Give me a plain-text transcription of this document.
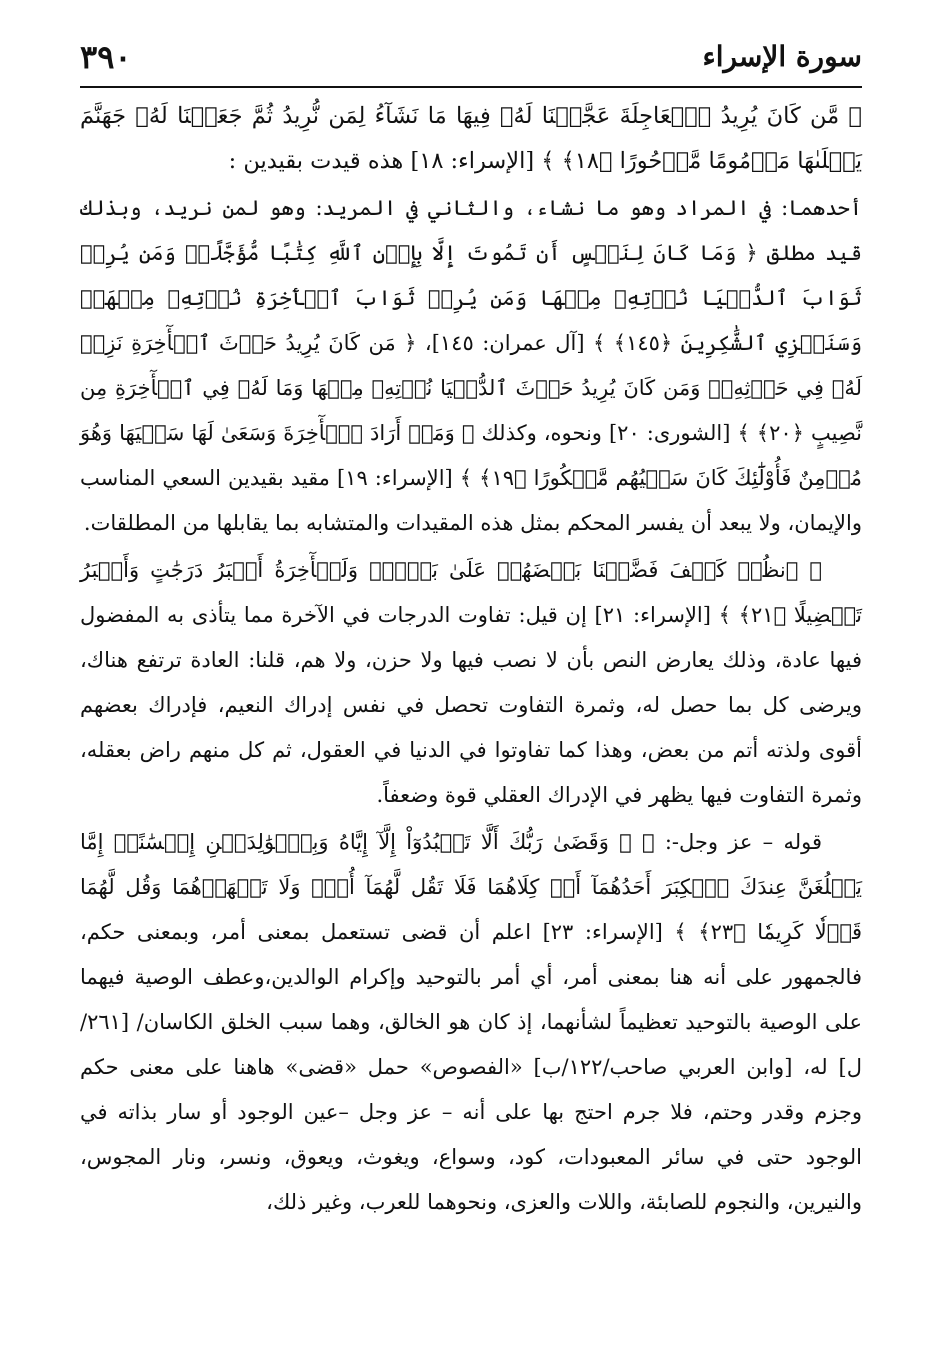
سورة الإسراء
٣٩٠

﴿ مَّن كَانَ يُرِيدُ ٱلۡعَاجِلَةَ عَجَّلۡنَا لَهُۥ فِيهَا مَا نَشَآءُ لِمَن نُّرِيدُ ثُمَّ جَعَلۡنَا لَهُۥ جَهَنَّمَ يَصۡلَىٰهَا مَذۡمُومًا مَّدۡحُورًا ﴿١٨﴾ ﴾ [الإسراء: ١٨] هذه قيدت بقيدين :

أحدهما: في المراد وهو ما نشاء، والثاني في المريد: وهو لمن نريد، وبذلك قيد مطلق ﴿ وَمَا كَانَ لِنَفۡسٍ أَن تَمُوتَ إِلَّا بِإِذۡنِ ٱللَّهِ كِتَٰبًا مُّؤَجَّلًاۗ وَمَن يُرِدۡ ثَوَابَ ٱلدُّنۡيَا نُؤۡتِهِۦ مِنۡهَا وَمَن يُرِدۡ ثَوَابَ ٱلۡأٓخِرَةِ نُؤۡتِهِۦ مِنۡهَاۚ وَسَنَجۡزِي ٱلشَّٰكِرِينَ ﴿١٤٥﴾ ﴾ [آل عمران: ١٤٥]، ﴿ مَن كَانَ يُرِيدُ حَرۡثَ ٱلۡأٓخِرَةِ نَزِدۡ لَهُۥ فِي حَرۡثِهِۦۖ وَمَن كَانَ يُرِيدُ حَرۡثَ ٱلدُّنۡيَا نُؤۡتِهِۦ مِنۡهَا وَمَا لَهُۥ فِي ٱلۡأٓخِرَةِ مِن نَّصِيبٍ ﴿٢٠﴾ ﴾ [الشورى: ٢٠] ونحوه، وكذلك ﴿ وَمَنۡ أَرَادَ ٱلۡأٓخِرَةَ وَسَعَىٰ لَهَا سَعۡيَهَا وَهُوَ مُؤۡمِنٌ فَأُوْلَٰٓئِكَ كَانَ سَعۡيُهُم مَّشۡكُورًا ﴿١٩﴾ ﴾ [الإسراء: ١٩] مقيد بقيدين السعي المناسب والإيمان، ولا يبعد أن يفسر المحكم بمثل هذه المقيدات والمتشابه بما يقابلها من المطلقات.

﴿ ٱنظُرۡ كَيۡفَ فَضَّلۡنَا بَعۡضَهُمۡ عَلَىٰ بَعۡضٍۚ وَلَلۡأٓخِرَةُ أَكۡبَرُ دَرَجَٰتٍ وَأَكۡبَرُ تَفۡضِيلًا ﴿٢١﴾ ﴾ [الإسراء: ٢١] إن قيل: تفاوت الدرجات في الآخرة مما يتأذى به المفضول فيها عادة، وذلك يعارض النص بأن لا نصب فيها ولا حزن، ولا هم، قلنا: العادة ترتفع هناك، ويرضى كل بما حصل له، وثمرة التفاوت تحصل في نفس إدراك النعيم، فإدراك بعضهم أقوى ولذته أتم من بعض، وهذا كما تفاوتوا في الدنيا في العقول، ثم كل منهم راض بعقله، وثمرة التفاوت فيها يظهر في الإدراك العقلي قوة وضعفاً.

قوله – عز وجل-: ﴿ ۞ وَقَضَىٰ رَبُّكَ أَلَّا تَعۡبُدُوٓاْ إِلَّآ إِيَّاهُ وَبِٱلۡوَٰلِدَيۡنِ إِحۡسَٰنًاۚ إِمَّا يَبۡلُغَنَّ عِندَكَ ٱلۡكِبَرَ أَحَدُهُمَآ أَوۡ كِلَاهُمَا فَلَا تَقُل لَّهُمَآ أُفّٖ وَلَا تَنۡهَرۡهُمَا وَقُل لَّهُمَا قَوۡلٗا كَرِيمٗا ﴿٢٣﴾ ﴾ [الإسراء: ٢٣] اعلم أن قضى تستعمل بمعنى أمر، وبمعنى حكم، فالجمهور على أنه هنا بمعنى أمر، أي أمر بالتوحيد وإكرام الوالدين،وعطف الوصية فيهما على الوصية بالتوحيد تعظيماً لشأنهما، إذ كان هو الخالق، وهما سبب الخلق الكاسان/ [٢٦١/ل] له، [وابن العربي صاحب/١٢٢/ب] «الفصوص» حمل «قضى» هاهنا على معنى حكم وجزم وقدر وحتم، فلا جرم احتج بها على أنه – عز وجل –عين الوجود أو سار بذاته في الوجود حتى في سائر المعبودات، كود، وسواع، ويغوث، ويعوق، ونسر، ونار المجوس، والنيرين، والنجوم للصابئة، واللات والعزى، ونحوهما للعرب، وغير ذلك،
